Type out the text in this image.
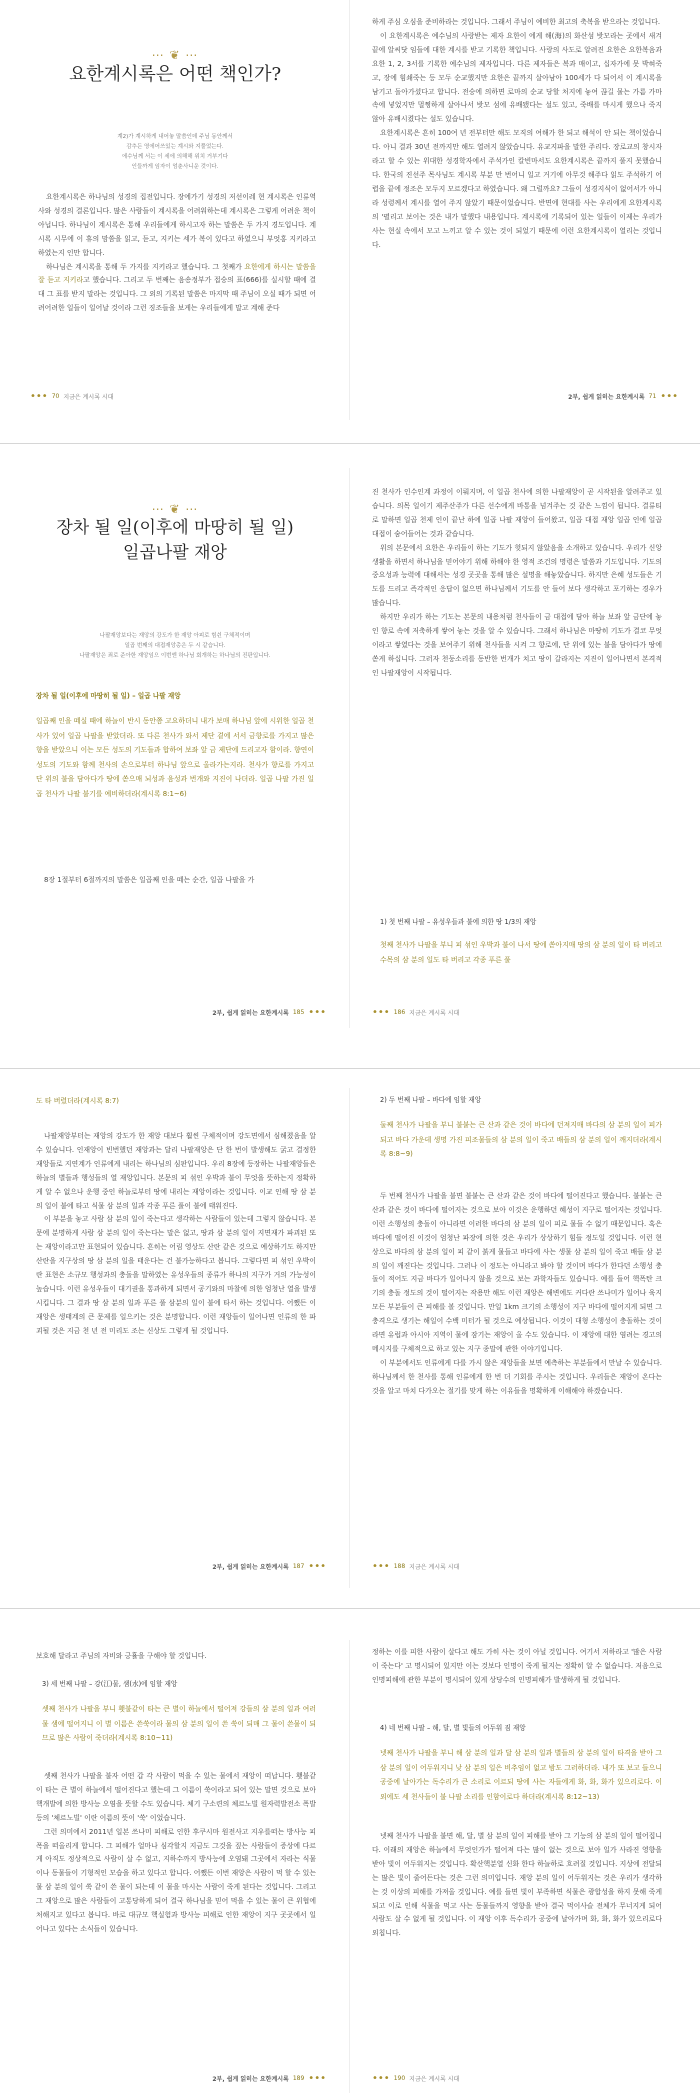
⋯ ❦ ⋯
요한계시록은 어떤 책인가?
계2)가 계시하게 내어놓 말씀인데 주님 동안께서
감추든 영에어쓰있는 계시와 지풀었는다.
에수님께 서는 이 세에 의해해 위치 거부기다
인들까게 임자이 엄춘사니운 것이다.

요한계시록은 하나님의 성경의 집전입니다. 장에가기 성경의 저선이레 현 계시록은 인류역사와 성경의 결론입니다. 많은 사람들이 계시록을 어려워하는데 계시록은 그렇게 어려운 책이 아닙니다. 하나님이 계시록은 통해 우리들에게 하시고자 하는 말씀은 두 가지 경도입니다. 계시록 시무에 이 휴의 맘씀을 읽고, 듣고, 지키는 세가 복이 있다고 하였으니 부엇홍 지키라고 하였는지 인만 합니다.

하나님은 계시록을 통해 두 가지를 지키라고 했습니다. 그 첫째가 요한에게 하시는 말씀을 잘 듣고 지키라고 했습니다. 그리고 두 번째는 음숑정부가 접승의 표(666)를 실시할 때에 결대 그 표를 받지 말라는 것입니다. 그 외의 기록된 말씀은 마지막 때 주님이 오실 때가 되면 어려어려한 일들이 일어날 것이라 그런 징조들을 보게는 우리들에게 말고 계해 준다

••• 70 지금은 계시록 시대

하게 주심 오심을 준비하라는 것입니다. 그래서 주님이 예비한 최고의 축복을 받으라는 것입니다.

이 요한계시록은 예수님의 사랑받는 제자 요한이 에게 해(海)의 화산섬 밧모라는 곳에서 새겨 끝에 알씨닷 임들에 대한 계시를 받고 기록한 책입니다. 사랑의 사도로 알려진 요한은 요한복음과 요한 1, 2, 3서를 기록한 예수님의 제자입니다. 다른 제자들은 복과 매이고, 십자가에 못 박혀죽고, 장에 힘쇄죽는 등 모두 순교했지만 요한은 끝까지 살아남아 100세가 다 되어서 이 계시록을 남기고 돌아가셨다고 합니다. 전승에 의하면 로마의 순교 당할 처지에 놓여 끊길 물는 가름 가마 속에 넣었지만 멀쩡하게 살아나서 밧모 섬에 유배됐다는 설도 있고, 죽배를 마시게 했으나 죽지 않아 유배시켰다는 설도 있습니다.

요한계시록은 흔히 100여 년 전부터만 해도 모직의 여해가 한 되고 해석이 안 되는 책이었습니다. 아니 결과 30년 전까지만 해도 열려지 않았습니다. 유교지파을 말한 주리다. 장로교의 창시자라고 할 수 있는 위대한 성경학자에서 주석가인 칼빈마서도 요한계시록은 끝까지 풀지 못했습니다. 한국의 진선주 목사님도 계시록 부분 만 번어니 일고 거기에 아무것 해주다 읽도 주석하기 어렵을 끝에 정조은 모두지 모르겠다고 하였습니다. 왜 그럴까요? 그들이 성경지식이 없어서가 아니라 성령께서 계시를 열어 주지 않았기 때문이었습니다. 반면에 현대를 사는 우리에게 요한계시록의 '펼리고 보이는 것은 내가 말했다 내용입니다. 계시록에 기록되어 있는 일들이 이제는 우리가 사는 현실 속에서 모고 느끼고 알 수 있는 것이 되었기 때문에 이런 요한계시록이 열리는 것입니다.

2부, 쉽게 읽히는 요한계시록 71 •••
⋯ ❦ ⋯
장차 될 일(이후에 마땅히 될 일)
일곱나팔 재앙
나팔재앙보다는 재앙의 강도가 한 재앙 아피로 힘쉰 구체적이며
일곱 번째의 대접재앙총은 두 시 같습니다.
나팔재앙은 죄로 준아한 재앙임으 이번엔 하나님 회개하는 하나님의 진판입니다.
장차 될 일(이후에 마땅히 될 일) – 일곱 나팔 재앙
일곱째 인을 떼실 때에 하늘이 반시 동안쯤 고요하더니 내가 보매 하나님 앞에 시위한 일곱 천사가 있어 일곱 나팔을 받았더라. 또 다른 천사가 와서 제단 곁에 서서 금향로를 가지고 많은 향을 받았으니 이는 모든 성도의 기도들과 합하여 보좌 앞 금 제단에 드리고자 함이라. 향연이 성도의 기도와 함께 천사의 손으로부터 하나님 앞으로 올라가는지라. 천사가 향로를 가지고 단 위의 불을 담아다가 땅에 쏟으매 뇌성과 음성과 번개와 지진이 나더라. 일곱 나팔 가진 일곱 천사가 나팔 불기를 예비하더라(계시록 8:1~6)

8장 1절부터 6절까지의 말씀은 일곱째 인을 떼는 순간, 일곱 나팔을 가

2부, 쉽게 읽히는 요한계시록 185 •••

진 천사가 인수인계 과정이 이뤄지며, 이 일곱 천사에 의한 나팔재앙이 곧 시작된을 알려주고 있습니다. 의목 일이기 제주산주가 다른 선수에게 바통을 넘겨주는 것 같은 느낌이 됩니다. 결류티로 말하면 일곱 천제 인이 끝난 하에 일곱 나팔 재앙이 들어왔고, 일곱 대접 재앙 일곱 인에 일곱 대접이 숨어들어는 것과 같습니다.

위의 본문에서 요한은 우리들이 하는 기도가 헛되지 않았음을 소개하고 있습니다. 우리가 신앙생활을 하면서 하나님을 믿어야기 위해 하해야 한 영적 조건의 명령은 말씀과 기도입니다. 기도의 중요성과 능력에 대해서는 성경 곳곳을 통해 많은 설명을 해놓았습니다. 하지만 은혜 성도들은 기도를 드리고 즉각적인 응답이 없으면 하나님께서 기도를 안 들어 보다 생각하고 포기하는 경우가 많습니다.

하지만 우리가 하는 기도는 본문의 내용처럼 천사들이 금 대접에 담아 하늘 보좌 앞 금단에 놓인 향로 속에 저축하게 쌓여 놓는 것을 알 수 있습니다. 그래서 하나님은 마땅히 기도가 결코 무엇이라고 쌓였다는 것을 보여주기 위해 천사들을 시켜 그 향로에, 단 위에 있는 불을 담아다가 땅에 쏟게 하십니다. 그러자 천둥소리를 동반한 번개가 치고 땅이 갈라지는 지진이 일어나면서 본격적인 나팔재앙이 시작됩니다.

1) 첫 번째 나팔 – 유성우들과 불에 의한 땅 1/3의 재앙
첫째 천사가 나팔을 부니 피 섞인 우박과 불이 나서 땅에 쏟아지매 땅의 삼 분의 일이 타 버리고 수목의 삼 분의 일도 타 버리고 각종 푸른 풀
••• 186 지금은 계시록 시대
도 타 버렸더라(계시록 8:7)

나팔재앙부터는 재앙의 강도가 한 재앙 대보다 훨씬 구체적이며 강도면에서 심해졌음을 알 수 있습니다. 인재앙이 빈번했던 재앙과는 달리 나팔재앙은 단 한 번이 발생해도 굵고 결정한 재앙들로 지연계가 인류에게 내리는 하나님의 심판입니다. 우리 8장에 등장하는 나팔재앙들은 하늘의 별들과 행성들의 열 재앙입니다. 본문의 피 섞인 우박과 불이 무엇을 뜻하는지 정확하게 알 수 없으나 운행 중인 하늘로부터 땅에 내리는 재앙이라는 것입니다. 이교 인해 땅 삼 분의 일이 불에 타고 식물 삼 분의 일과 각종 푸른 풀이 불에 태워진다.

이 부분을 놓고 사람 삼 분의 일이 죽는다고 생각하는 사람들이 있는데 그렇지 않습니다. 본문에 분명하게 사람 삼 분의 일이 죽는다는 말은 없고, 땅과 삼 분의 일이 지면재가 파괴된 또는 재앙이라고만 표현되어 있습니다. 흔히는 어림 영상도 산란 같은 것으로 예상하기도 하지만 산란을 지구상의 땅 삼 분의 일을 태운다는 건 불가능하다고 봅니다. 그렇다면 피 섞인 우박이란 표현은 소규모 행성과의 충돌을 말하였는 유성우들의 종류가 하나의 지구가 거의 가능성이 높습니다. 이런 유성우들이 대기권을 통과하게 되면서 공기와의 마찰에 의한 엄청난 열을 발생시킵니다. 그 결과 땅 삼 분의 일과 푸른 풀 삼분의 일이 불에 타서 하는 것입니다. 어쨌든 이 재앙은 생태계의 큰 문제를 일으키는 것은 분명합니다. 이런 재앙들이 일어나면 인류의 한 파괴될 것은 지금 천 년 전 미리도 조는 신상도 그렇게 될 것입니다.

2부, 쉽게 읽히는 요한계시록 187 •••
2) 두 번째 나팔 – 바다에 임할 재앙
둘째 천사가 나팔을 부니 불붙는 큰 산과 같은 것이 바다에 던져지매 바다의 삼 분의 일이 피가 되고 바다 가운데 생명 가진 피조물들의 삼 분의 일이 죽고 배들의 삼 분의 일이 깨지더라(계시록 8:8~9)

두 번째 천사가 나팔을 불면 불붙는 큰 산과 같은 것이 바다에 떨어진다고 했습니다. 불붙는 큰 산과 같은 것이 바다에 떨어지는 것으로 보아 이것은 운행하던 혜성이 지구로 떨어지는 것입니다. 이런 소행성의 충돌이 아니라면 이러한 바다의 삼 분의 일이 피로 물들 수 없기 때문입니다. 혹은 바다에 떨어진 이것이 엄청난 파장에 의한 것은 우리가 상상하기 힘들 정도일 것입니다. 이런 현상으로 바다의 삼 분의 일이 피 같이 붉게 물들고 바다에 사는 생물 삼 분의 일이 죽고 배들 삼 분의 일이 깨진다는 것입니다. 그러나 이 정도는 아니라고 봐야 할 것이며 바다가 한다던 소행성 충돌이 적어도 지금 바다가 일어나지 않을 것으로 보는 과학자들도 있습니다. 예를 들어 핵폭탄 크기의 충돌 정도의 것이 떨어지는 작용만 해도 이런 재앙은 해변에도 커다란 쓰나미가 일어나 육지 모든 부분들이 큰 피해를 볼 것입니다. 만일 1km 크기의 소행성이 지구 바다에 떨어지게 되면 그 충격으로 생기는 해일이 수백 미터가 될 것으로 예상됩니다. 이것이 대형 소행성이 충돌하는 것이라면 유럽과 아시아 지역이 물에 잠기는 재앙이 올 수도 있습니다. 이 재앙에 대한 염려는 경고의 메시지를 구체적으로 하고 있는 지구 종말에 관한 이야기입니다.

이 부분에서도 인류에게 다를 가시 않은 재앙들을 보면 예측하는 부분들에서 만날 수 있습니다. 하나님께서 한 천사를 통해 인류에게 한 번 더 기회를 주시는 것입니다. 우리들은 재앙이 온다는 것을 알고 마치 다가오는 절기를 맞게 하는 이유들을 명확하게 이해해야 하겠습니다.

••• 188 지금은 계시록 시대

보호해 달라고 주님의 자비와 긍휼을 구해야 할 것입니다.

3) 세 번째 나팔 – 강(江)물, 샘(水)에 임할 재앙
셋째 천사가 나팔을 부니 횃불같이 타는 큰 별이 하늘에서 떨어져 강들의 삼 분의 일과 여러 물 샘에 떨어지니 이 별 이름은 쓴쑥이라 물의 삼 분의 일이 쓴 쑥이 되매 그 물이 쓴물이 되므로 많은 사람이 죽더라(계시록 8:10~11)

셋째 천사가 나팔을 불자 어떤 갑 각 사람이 먹을 수 있는 물에서 재앙이 떠납니다. 횃불같이 타는 큰 별이 하늘에서 떨어진다고 했는데 그 이름이 쑥이라고 되어 있는 말면 것으로 보아 핵개발에 의한 방사능 오염을 뜻할 수도 있습니다. 체기 구소련의 체르노빌 원자력발전소 폭발 등의 '체르노빌' 이란 이름의 뜻이 '쑥' 이었습니다.

그런 의미에서 2011년 일본 쓰나미 피해로 인한 후쿠시마 원전사고 지우를떠는 방사능 피폭을 떠올리게 합니다. 그 피해가 얼마나 심각할지 지금도 그것을 짚는 사람들이 증상에 다르게 아직도 정상적으로 사람이 살 수 없고, 지하수까지 방사능에 오염돼 그곳에서 자라는 식물이나 동물들이 기형적인 모습을 하고 있다고 합니다. 어쨌든 이번 재앙은 사람이 먹 할 수 있는 물 삼 분의 일이 쑥 같이 쓴 물이 되는데 이 물을 마시는 사람이 죽게 된다는 것입니다. 그리고 그 재앙으로 많은 사람들이 고통당하게 되어 결국 하나님을 믿어 먹을 수 있는 물이 큰 위협에 처해지고 있다고 봅니다. 바로 대규모 핵실험과 방사능 피해로 인한 재앙이 지구 곳곳에서 일어나고 있다는 소식들이 있습니다.

2부, 쉽게 읽히는 요한계시록 189 •••

정하는 이를 피한 사람이 살다고 해도 가히 사는 것이 아닐 것입니다. 여기서 저하라고 '많은 사람이 죽는다' 고 명시되어 있지만 이는 것보다 인명이 죽게 될지는 정확히 알 수 없습니다. 저음으로 인명피해에 관한 부분이 명시되어 있게 상당수의 인명피해가 발생하게 될 것입니다.

4) 네 번째 나팔 – 해, 달, 별 빛들의 어두워 짐 재앙
넷째 천사가 나팔을 부니 해 삼 분의 일과 달 삼 분의 일과 별들의 삼 분의 일이 타격을 받아 그 삼 분의 일이 어두워지니 낮 삼 분의 일은 비추임이 없고 밤도 그러하더라. 내가 또 보고 들으니 공중에 날아가는 독수리가 큰 소리로 이르되 땅에 사는 자들에게 화, 화, 화가 있으리로다. 이 외에도 세 천사들이 불 나팔 소리를 인함이로다 하더라(계시록 8:12~13)

넷째 천사가 나팔을 불면 해, 달, 별 삼 분의 일이 피해를 받아 그 기능의 삼 분의 일이 떨어집니다. 이래의 재앙은 하늘에서 무엇인가가 떨어져 다는 많이 없는 것으로 보아 일가 사라진 영향을 받아 빛이 어두워지는 것입니다. 확산핵분열 신화 한다 하늘하로 흐려질 것입니다. 지상에 전달되는 많은 빛이 줄어든다는 것은 그런 의미입니다. 재앙 분의 일이 어두워지는 것은 우리가 생각하는 것 이상의 피해를 가져올 것입니다. 예를 들면 빛이 부족하면 식물은 광합성을 하지 못해 죽게 되고 이로 인해 식물을 먹고 사는 동물들까지 영향을 받아 결국 먹이사슬 전체가 무너지게 되어 사람도 살 수 없게 될 것입니다. 이 재앙 이후 독수리가 공중에 날아가며 화, 화, 화가 있으리로다 외칩니다.

••• 190 지금은 계시록 시대
